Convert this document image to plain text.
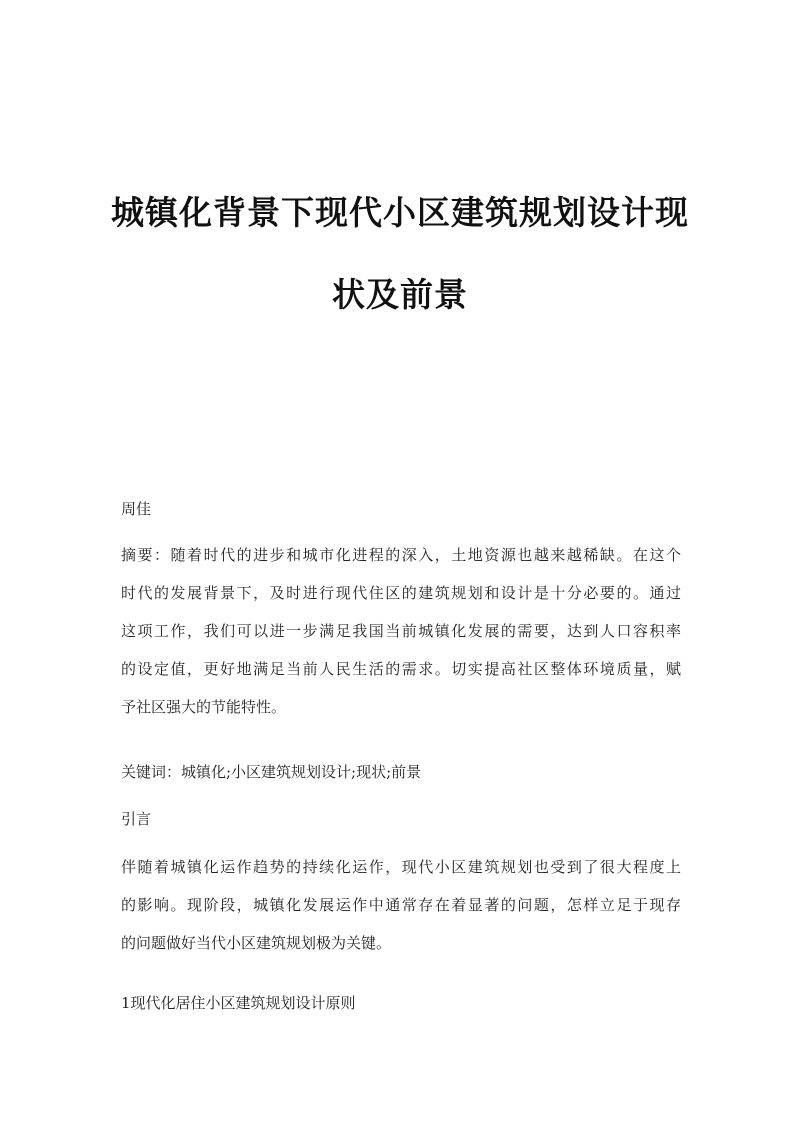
城镇化背景下现代小区建筑规划设计现
状及前景
周佳
摘要：随着时代的进步和城市化进程的深入，土地资源也越来越稀缺。在这个
时代的发展背景下，及时进行现代住区的建筑规划和设计是十分必要的。通过
这项工作，我们可以进一步满足我国当前城镇化发展的需要，达到人口容积率
的设定值，更好地满足当前人民生活的需求。切实提高社区整体环境质量，赋
予社区强大的节能特性。
关键词：城镇化;小区建筑规划设计;现状;前景
引言
伴随着城镇化运作趋势的持续化运作，现代小区建筑规划也受到了很大程度上
的影响。现阶段，城镇化发展运作中通常存在着显著的问题，怎样立足于现存
的问题做好当代小区建筑规划极为关键。
1现代化居住小区建筑规划设计原则
